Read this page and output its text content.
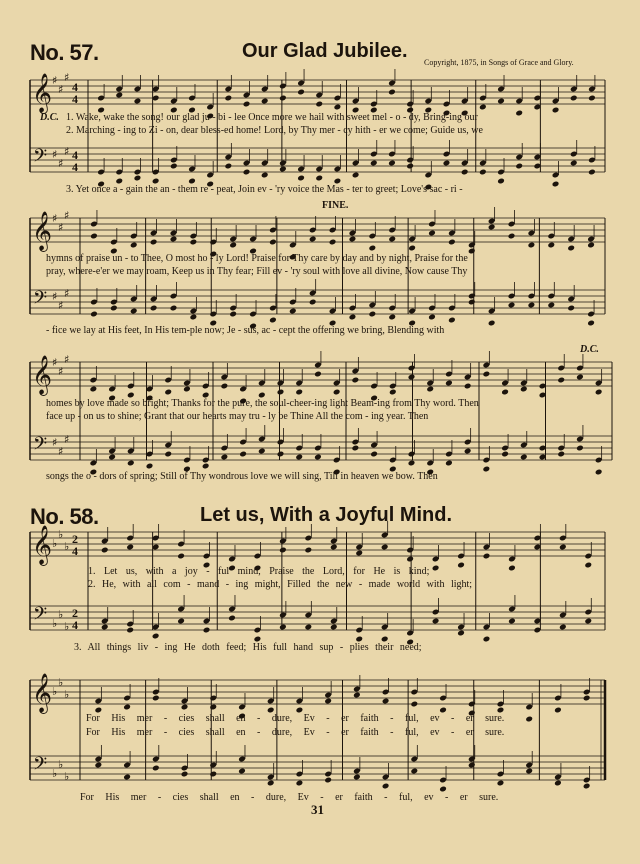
No. 57.	Our Glad Jubilee.
Copyright, 1875, in Songs of Grace and Glory.
𝄞
𝄢
♯
♯
♯
♯
♯
♯
4
4
4
4
𝄞
𝄢
♯
♯
♯
♯
♯
♯
𝄞
𝄢
♯
♯
♯
♯
♯
♯
𝄞
𝄢
♭
♭
♭
♭
♭
♭
2
4
2
4
𝄞
𝄢
♭
♭
♭
♭
♭
♭
D.C. 1. Wake, wake the song! our glad ju - bi - lee Once more we hail with sweet mel - o - dy, Bring-ing our
2. Marching - ing to Zi - on, dear bless-ed home! Lord, by Thy mer - cy hith - er we come; Guide us, we
3. Yet once a - gain the an - them re - peat, Join ev - 'ry voice the Mas - ter to greet; Love's sac - ri -
FINE.
hymns of praise un - to Thee, O most ho - ly Lord! Praise for Thy care by day and by night, Praise for the
pray, where-e'er we may roam, Keep us in Thy fear; Fill ev - 'ry soul with love all divine, Now cause Thy
- fice we lay at His feet, In His tem-ple now; Je - sus, ac - cept the offering we bring, Blending with
D.C.
homes by love made so bright; Thanks for the pure, the soul-cheer-ing light Beam-ing from Thy word. Then
face up - on us to shine; Grant that our hearts may tru - ly be Thine All the com - ing year. Then
songs the o - dors of spring; Still of Thy wondrous love we will sing, Till in heaven we bow. Then
No. 58.	Let us, With a Joyful Mind.
1. Let us, with a joy - ful mind, Praise the Lord, for He is kind;
2. He, with all com - mand - ing might, Filled the new - made world with light;
3. All things liv - ing He doth feed; His full hand sup - plies their need;
For His mer - cies shall en - dure, Ev - er faith - ful, ev - er sure.
For His mer - cies shall en - dure, Ev - er faith - ful, ev - er sure.
For His mer - cies shall en - dure, Ev - er faith - ful, ev - er sure.
31
